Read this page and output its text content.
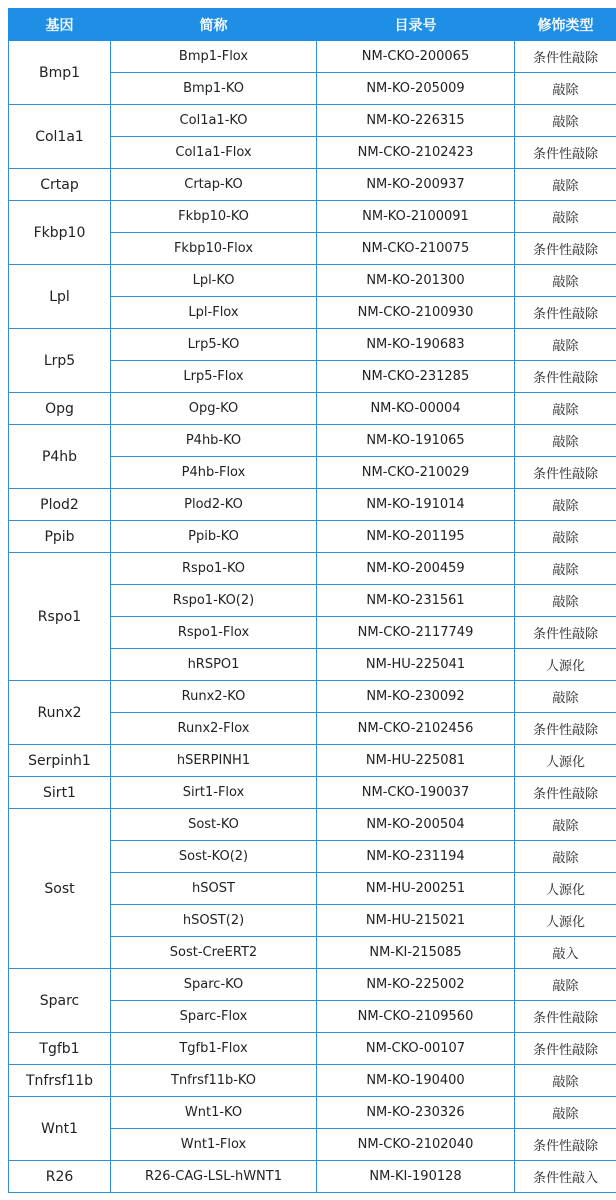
基因	简称	目录号	修饰类型
Bmp1	Bmp1-Flox	NM-CKO-200065	条件性敲除
	Bmp1-KO	NM-KO-205009	敲除
Col1a1	Col1a1-KO	NM-KO-226315	敲除
	Col1a1-Flox	NM-CKO-2102423	条件性敲除
Crtap	Crtap-KO	NM-KO-200937	敲除
Fkbp10	Fkbp10-KO	NM-KO-2100091	敲除
	Fkbp10-Flox	NM-CKO-210075	条件性敲除
Lpl	Lpl-KO	NM-KO-201300	敲除
	Lpl-Flox	NM-CKO-2100930	条件性敲除
Lrp5	Lrp5-KO	NM-KO-190683	敲除
	Lrp5-Flox	NM-CKO-231285	条件性敲除
Opg	Opg-KO	NM-KO-00004	敲除
P4hb	P4hb-KO	NM-KO-191065	敲除
	P4hb-Flox	NM-CKO-210029	条件性敲除
Plod2	Plod2-KO	NM-KO-191014	敲除
Ppib	Ppib-KO	NM-KO-201195	敲除
Rspo1	Rspo1-KO	NM-KO-200459	敲除
	Rspo1-KO(2)	NM-KO-231561	敲除
	Rspo1-Flox	NM-CKO-2117749	条件性敲除
	hRSPO1	NM-HU-225041	人源化
Runx2	Runx2-KO	NM-KO-230092	敲除
	Runx2-Flox	NM-CKO-2102456	条件性敲除
Serpinh1	hSERPINH1	NM-HU-225081	人源化
Sirt1	Sirt1-Flox	NM-CKO-190037	条件性敲除
Sost	Sost-KO	NM-KO-200504	敲除
	Sost-KO(2)	NM-KO-231194	敲除
	hSOST	NM-HU-200251	人源化
	hSOST(2)	NM-HU-215021	人源化
	Sost-CreERT2	NM-KI-215085	敲入
Sparc	Sparc-KO	NM-KO-225002	敲除
	Sparc-Flox	NM-CKO-2109560	条件性敲除
Tgfb1	Tgfb1-Flox	NM-CKO-00107	条件性敲除
Tnfrsf11b	Tnfrsf11b-KO	NM-KO-190400	敲除
Wnt1	Wnt1-KO	NM-KO-230326	敲除
	Wnt1-Flox	NM-CKO-2102040	条件性敲除
R26	R26-CAG-LSL-hWNT1	NM-KI-190128	条件性敲入
